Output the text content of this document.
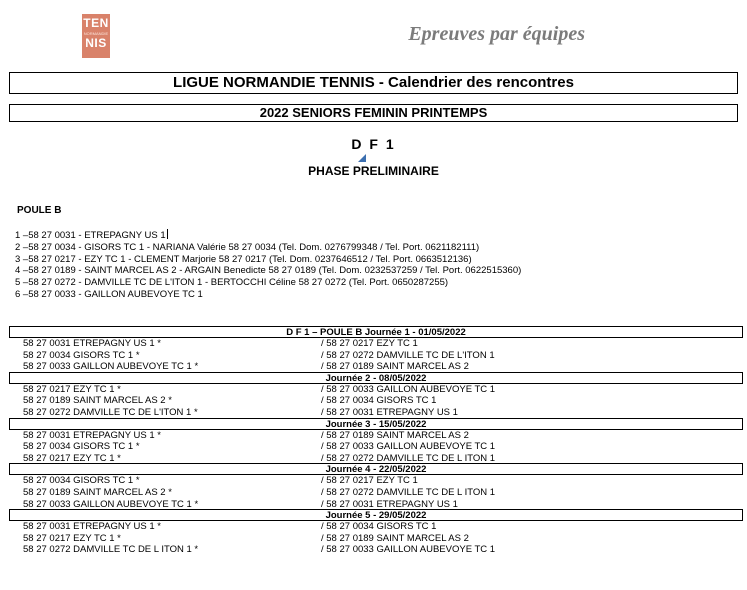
TEN
NORMANDIE
NIS	Epreuves par équipes
LIGUE NORMANDIE TENNIS - Calendrier des rencontres
2022 SENIORS FEMININ PRINTEMPS
D F 1
PHASE PRELIMINAIRE
POULE B
1 –58 27 0031 - ETREPAGNY US 1
2 –58 27 0034 - GISORS TC 1 - NARIANA Valérie 58 27 0034 (Tel. Dom. 0276799348 / Tel. Port. 0621182111)
3 –58 27 0217 - EZY TC 1 - CLEMENT Marjorie 58 27 0217 (Tel. Dom. 0237646512 / Tel. Port. 0663512136)
4 –58 27 0189 - SAINT MARCEL AS 2 - ARGAIN Benedicte 58 27 0189 (Tel. Dom. 0232537259 / Tel. Port. 0622515360)
5 –58 27 0272 - DAMVILLE TC DE L'ITON 1 - BERTOCCHI Céline 58 27 0272 (Tel. Port. 0650287255)
6 –58 27 0033 - GAILLON AUBEVOYE TC 1
D F 1 – POULE B Journée 1 - 01/05/2022
58 27 0031 ETREPAGNY US 1 *	/ 58 27 0217 EZY TC 1
58 27 0034 GISORS TC 1 *	/ 58 27 0272 DAMVILLE TC DE L'ITON 1
58 27 0033 GAILLON AUBEVOYE TC 1 *	/ 58 27 0189 SAINT MARCEL AS 2
Journée 2 - 08/05/2022
58 27 0217 EZY TC 1 *	/ 58 27 0033 GAILLON AUBEVOYE TC 1
58 27 0189 SAINT MARCEL AS 2 *	/ 58 27 0034 GISORS TC 1
58 27 0272 DAMVILLE TC DE L'ITON 1 *	/ 58 27 0031 ETREPAGNY US 1
Journée 3 - 15/05/2022
58 27 0031 ETREPAGNY US 1 *	/ 58 27 0189 SAINT MARCEL AS 2
58 27 0034 GISORS TC 1 *	/ 58 27 0033 GAILLON AUBEVOYE TC 1
58 27 0217 EZY TC 1 *	/ 58 27 0272 DAMVILLE TC DE L ITON 1
Journée 4 - 22/05/2022
58 27 0034 GISORS TC 1 *	/ 58 27 0217 EZY TC 1
58 27 0189 SAINT MARCEL AS 2 *	/ 58 27 0272 DAMVILLE TC DE L ITON 1
58 27 0033 GAILLON AUBEVOYE TC 1 *	/ 58 27 0031 ETREPAGNY US 1
Journée 5 - 29/05/2022
58 27 0031 ETREPAGNY US 1 *	/ 58 27 0034 GISORS TC 1
58 27 0217 EZY TC 1 *	/ 58 27 0189 SAINT MARCEL AS 2
58 27 0272 DAMVILLE TC DE L ITON 1 *	/ 58 27 0033 GAILLON AUBEVOYE TC 1
